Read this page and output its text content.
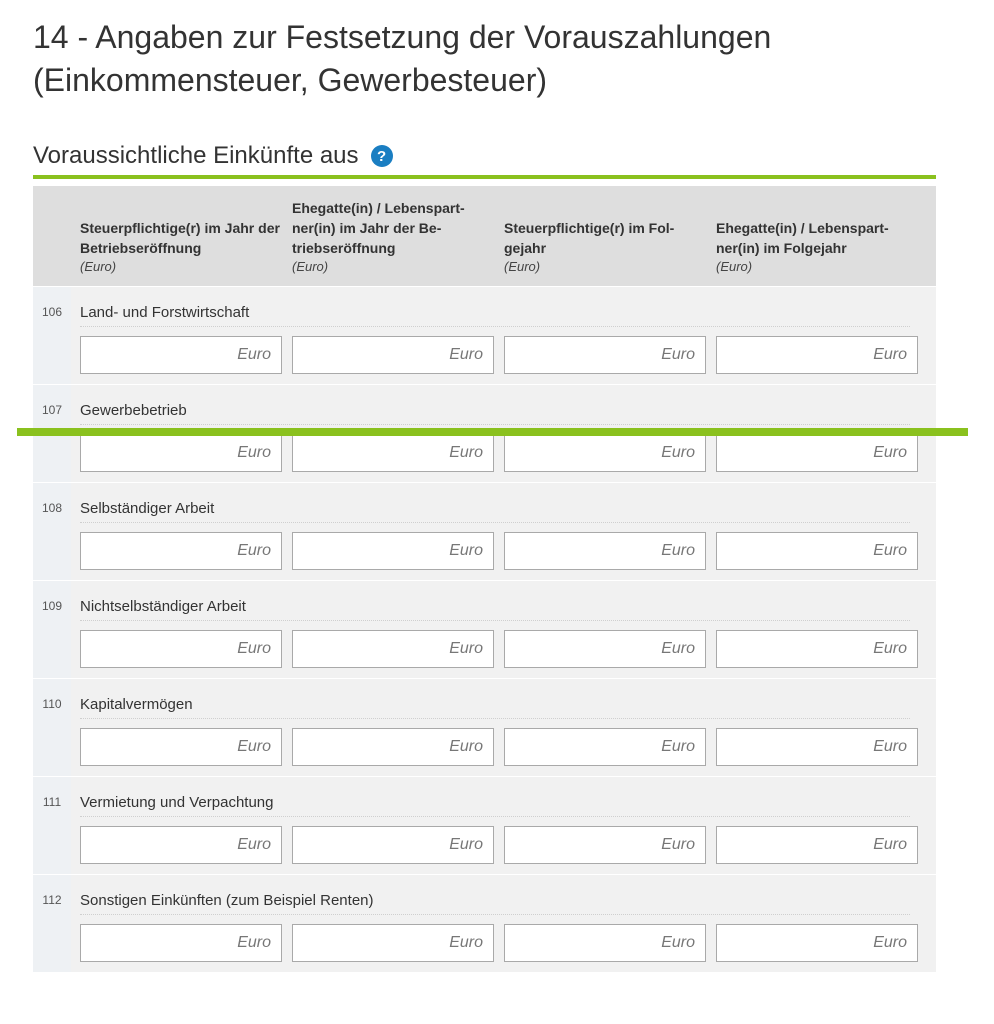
14 - Angaben zur Festsetzung der Vorauszahlungen (Einkommensteuer, Gewerbesteuer)
Voraussichtliche Einkünfte aus	?
Steuerpflichtige(r) im Jahr der Betriebseröffnung
(Euro)
Ehegatte(in) / Lebenspart-
ner(in) im Jahr der Be-
triebseröffnung
(Euro)
Steuerpflichtige(r) im Fol-
gejahr
(Euro)
Ehegatte(in) / Lebenspart-
ner(in) im Folgejahr
(Euro)
106	Land- und Forstwirtschaft
Euro
Euro
Euro
Euro
107	Gewerbebetrieb
Euro
Euro
Euro
Euro
108	Selbständiger Arbeit
Euro
Euro
Euro
Euro
109	Nichtselbständiger Arbeit
Euro
Euro
Euro
Euro
110	Kapitalvermögen
Euro
Euro
Euro
Euro
111	Vermietung und Verpachtung
Euro
Euro
Euro
Euro
112	Sonstigen Einkünften (zum Beispiel Renten)
Euro
Euro
Euro
Euro
